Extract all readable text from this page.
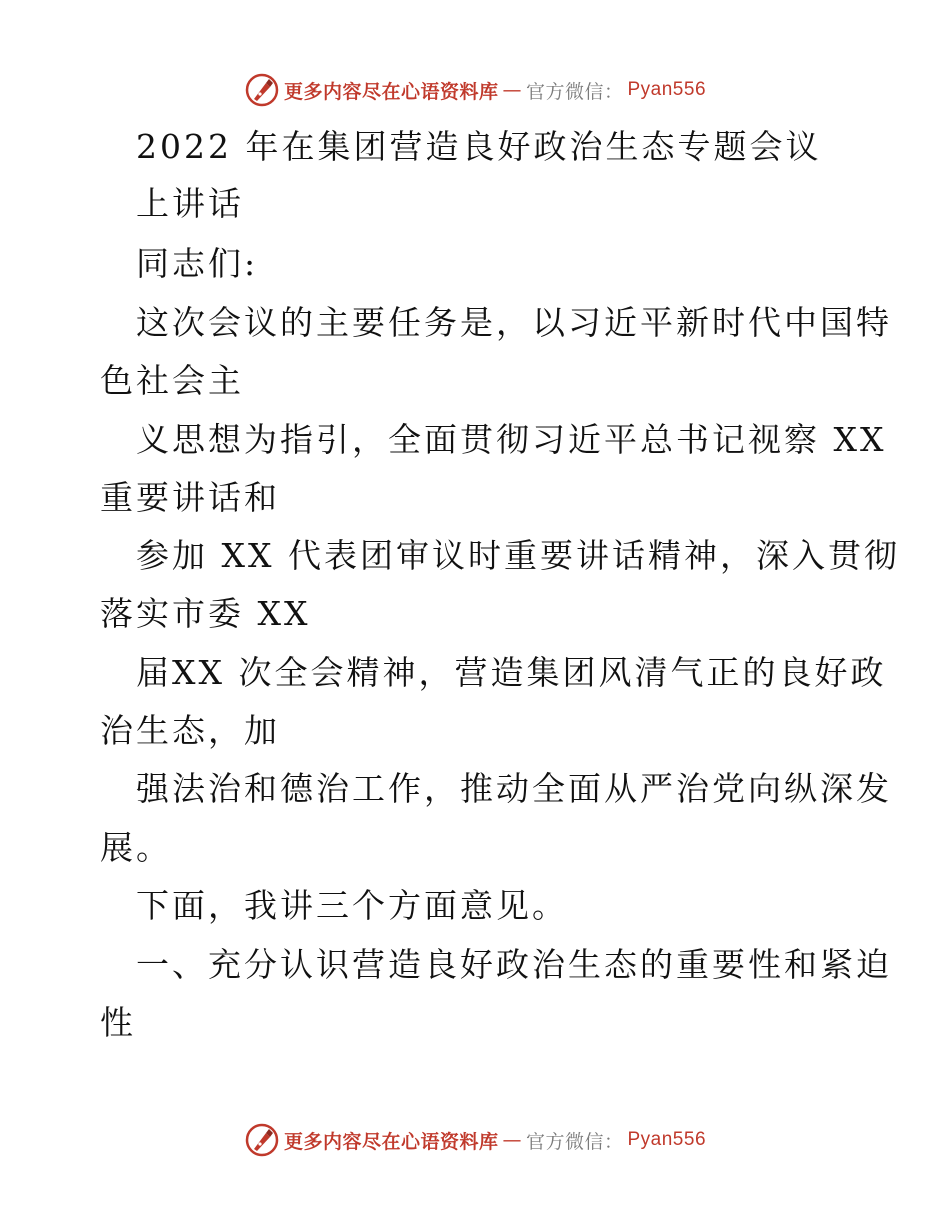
更多内容尽在心语资料库 — 官方微信： Pyan556
2022 年在集团营造良好政治生态专题会议
上讲话
同志们:
这次会议的主要任务是，以习近平新时代中国特
色社会主
义思想为指引，全面贯彻习近平总书记视察 XX
重要讲话和
参加 XX 代表团审议时重要讲话精神，深入贯彻
落实市委 XX
届XX 次全会精神，营造集团风清气正的良好政
治生态，加
强法治和德治工作，推动全面从严治党向纵深发
展。
下面，我讲三个方面意见。
一、充分认识营造良好政治生态的重要性和紧迫
性
更多内容尽在心语资料库 — 官方微信： Pyan556
